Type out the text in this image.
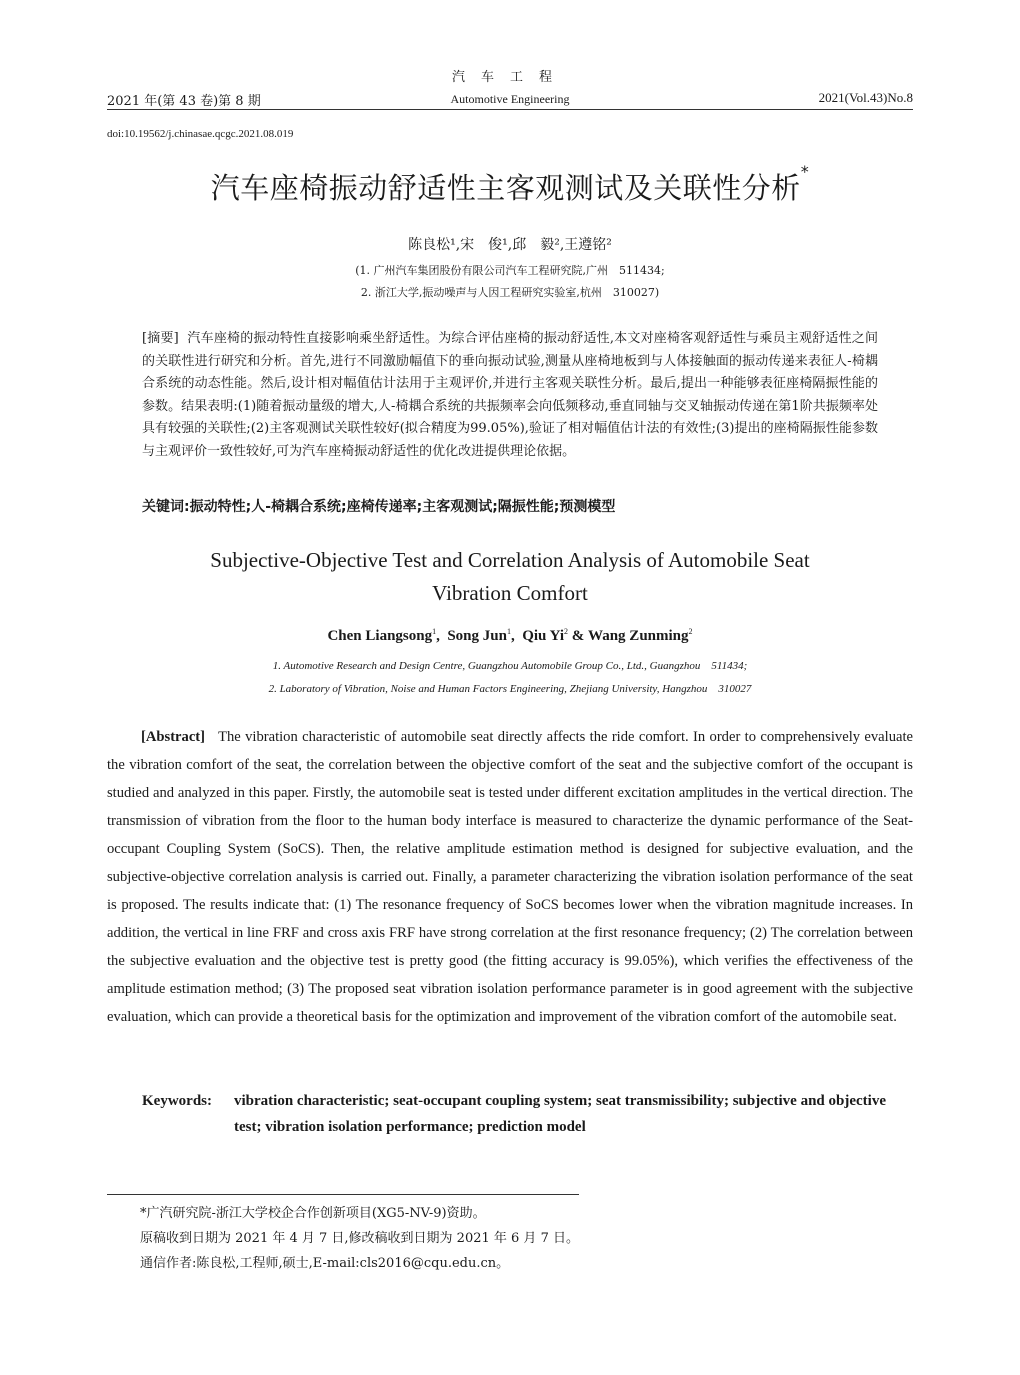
汽车工程
2021 年(第 43 卷)第 8 期	Automotive Engineering	2021(Vol.43)No.8
doi:10.19562/j.chinasae.qcgc.2021.08.019
汽车座椅振动舒适性主客观测试及关联性分析*
陈良松¹,宋　俊¹,邱　毅²,王遵铭²
(1. 广州汽车集团股份有限公司汽车工程研究院,广州　511434;
2. 浙江大学,振动噪声与人因工程研究实验室,杭州　310027)
[摘要] 汽车座椅的振动特性直接影响乘坐舒适性。为综合评估座椅的振动舒适性,本文对座椅客观舒适性与乘员主观舒适性之间的关联性进行研究和分析。首先,进行不同激励幅值下的垂向振动试验,测量从座椅地板到与人体接触面的振动传递来表征人-椅耦合系统的动态性能。然后,设计相对幅值估计法用于主观评价,并进行主客观关联性分析。最后,提出一种能够表征座椅隔振性能的参数。结果表明:(1)随着振动量级的增大,人-椅耦合系统的共振频率会向低频移动,垂直同轴与交叉轴振动传递在第1阶共振频率处具有较强的关联性;(2)主客观测试关联性较好(拟合精度为99.05%),验证了相对幅值估计法的有效性;(3)提出的座椅隔振性能参数与主观评价一致性较好,可为汽车座椅振动舒适性的优化改进提供理论依据。
关键词:振动特性;人-椅耦合系统;座椅传递率;主客观测试;隔振性能;预测模型
Subjective-Objective Test and Correlation Analysis of Automobile Seat Vibration Comfort
Chen Liangsong$^1$, Song Jun$^1$, Qiu Yi$^2$ & Wang Zunming$^2$
1. Automotive Research and Design Centre, Guangzhou Automobile Group Co., Ltd., Guangzhou　511434;
2. Laboratory of Vibration, Noise and Human Factors Engineering, Zhejiang University, Hangzhou　310027
[Abstract] The vibration characteristic of automobile seat directly affects the ride comfort. In order to comprehensively evaluate the vibration comfort of the seat, the correlation between the objective comfort of the seat and the subjective comfort of the occupant is studied and analyzed in this paper. Firstly, the automobile seat is tested under different excitation amplitudes in the vertical direction. The transmission of vibration from the floor to the human body interface is measured to characterize the dynamic performance of the Seat-occupant Coupling System (SoCS). Then, the relative amplitude estimation method is designed for subjective evaluation, and the subjective-objective correlation analysis is carried out. Finally, a parameter characterizing the vibration isolation performance of the seat is proposed. The results indicate that: (1) The resonance frequency of SoCS becomes lower when the vibration magnitude increases. In addition, the vertical in line FRF and cross axis FRF have strong correlation at the first resonance frequency; (2) The correlation between the subjective evaluation and the objective test is pretty good (the fitting accuracy is 99.05%), which verifies the effectiveness of the amplitude estimation method; (3) The proposed seat vibration isolation performance parameter is in good agreement with the subjective evaluation, which can provide a theoretical basis for the optimization and improvement of the vibration comfort of the automobile seat.
Keywords: vibration characteristic; seat-occupant coupling system; seat transmissibility; subjective and objective test; vibration isolation performance; prediction model
*广汽研究院-浙江大学校企合作创新项目(XG5-NV-9)资助。
原稿收到日期为 2021 年 4 月 7 日,修改稿收到日期为 2021 年 6 月 7 日。
通信作者:陈良松,工程师,硕士,E-mail:cls2016@cqu.edu.cn。
